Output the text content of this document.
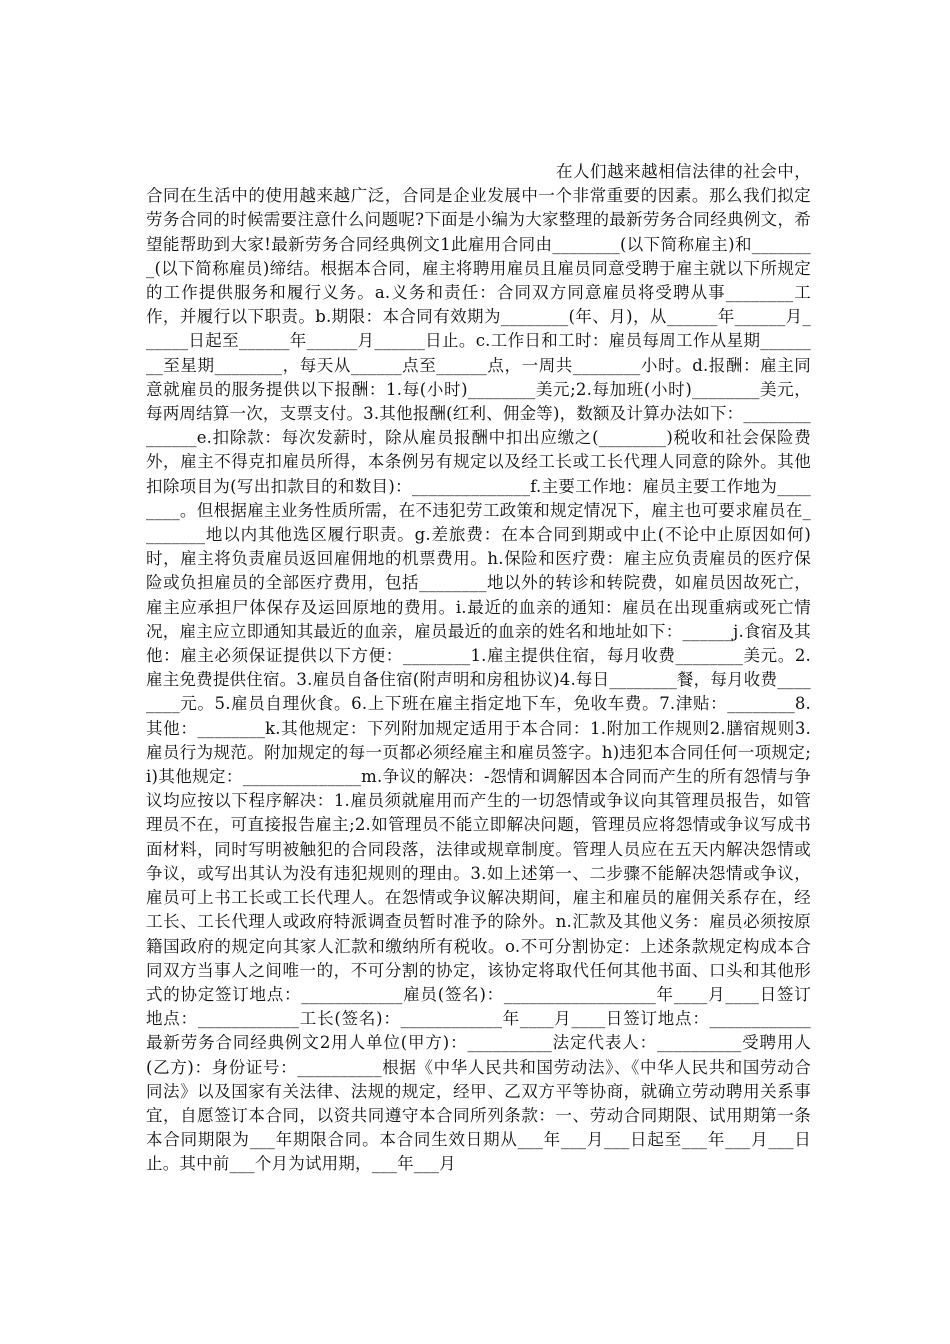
在人们越来越相信法律的社会中，合同在生活中的使用越来越广泛，合同是企业发展中一个非常重要的因素。那么我们拟定劳务合同的时候需要注意什么问题呢?下面是小编为大家整理的最新劳务合同经典例文，希望能帮助到大家!最新劳务合同经典例文1此雇用合同由________(以下简称雇主)和________(以下简称雇员)缔结。根据本合同，雇主将聘用雇员且雇员同意受聘于雇主就以下所规定的工作提供服务和履行义务。a.义务和责任：合同双方同意雇员将受聘从事________工作，并履行以下职责。b.期限：本合同有效期为________(年、月)，从______年______月______日起至______年______月______日止。c.工作日和工时：雇员每周工作从星期________至星期________，每天从______点至______点，一周共________小时。d.报酬：雇主同意就雇员的服务提供以下报酬：1.每(小时)________美元;2.每加班(小时)________美元，每两周结算一次，支票支付。3.其他报酬(红利、佣金等)，数额及计算办法如下：______________e.扣除款：每次发薪时，除从雇员报酬中扣出应缴之(________)税收和社会保险费外，雇主不得克扣雇员所得，本条例另有规定以及经工长或工长代理人同意的除外。其他扣除项目为(写出扣款目的和数目)：______________f.主要工作地：雇员主要工作地为________。但根据雇主业务性质所需，在不违犯劳工政策和规定情况下，雇主也可要求雇员在________地以内其他选区履行职责。g.差旅费：在本合同到期或中止(不论中止原因如何)时，雇主将负责雇员返回雇佣地的机票费用。h.保险和医疗费：雇主应负责雇员的医疗保险或负担雇员的全部医疗费用，包括________地以外的转诊和转院费，如雇员因故死亡，雇主应承担尸体保存及运回原地的费用。i.最近的血亲的通知：雇员在出现重病或死亡情况，雇主应立即通知其最近的血亲，雇员最近的血亲的姓名和地址如下：______j.食宿及其他：雇主必须保证提供以下方便：________1.雇主提供住宿，每月收费________美元。2.雇主免费提供住宿。3.雇员自备住宿(附声明和房租协议)4.每日________餐，每月收费________元。5.雇员自理伙食。6.上下班在雇主指定地下车，免收车费。7.津贴：________8.其他：________k.其他规定：下列附加规定适用于本合同：1.附加工作规则2.膳宿规则3.雇员行为规范。附加规定的每一页都必须经雇主和雇员签字。h)违犯本合同任何一项规定;i)其他规定：______________m.争议的解决：-怨情和调解因本合同而产生的所有怨情与争议均应按以下程序解决：1.雇员须就雇用而产生的一切怨情或争议向其管理员报告，如管理员不在，可直接报告雇主;2.如管理员不能立即解决问题，管理员应将怨情或争议写成书面材料，同时写明被触犯的合同段落，法律或规章制度。管理人员应在五天内解决怨情或争议，或写出其认为没有违犯规则的理由。3.如上述第一、二步骤不能解决怨情或争议，雇员可上书工长或工长代理人。在怨情或争议解决期间，雇主和雇员的雇佣关系存在，经工长、工长代理人或政府特派调查员暂时准予的除外。n.汇款及其他义务：雇员必须按原籍国政府的规定向其家人汇款和缴纳所有税收。o.不可分割协定：上述条款规定构成本合同双方当事人之间唯一的，不可分割的协定，该协定将取代任何其他书面、口头和其他形式的协定签订地点：____________雇员(签名)：__________________年____月____日签订地点：____________工长(签名)：____________年____月____日签订地点：____________最新劳务合同经典例文2用人单位(甲方)：__________法定代表人：__________受聘用人(乙方)：身份证号：__________根据《中华人民共和国劳动法》、《中华人民共和国劳动合同法》以及国家有关法律、法规的规定，经甲、乙双方平等协商，就确立劳动聘用关系事宜，自愿签订本合同，以资共同遵守本合同所列条款：一、劳动合同期限、试用期第一条本合同期限为___年期限合同。本合同生效日期从___年___月___日起至___年___月___日止。其中前___个月为试用期，___年___月
